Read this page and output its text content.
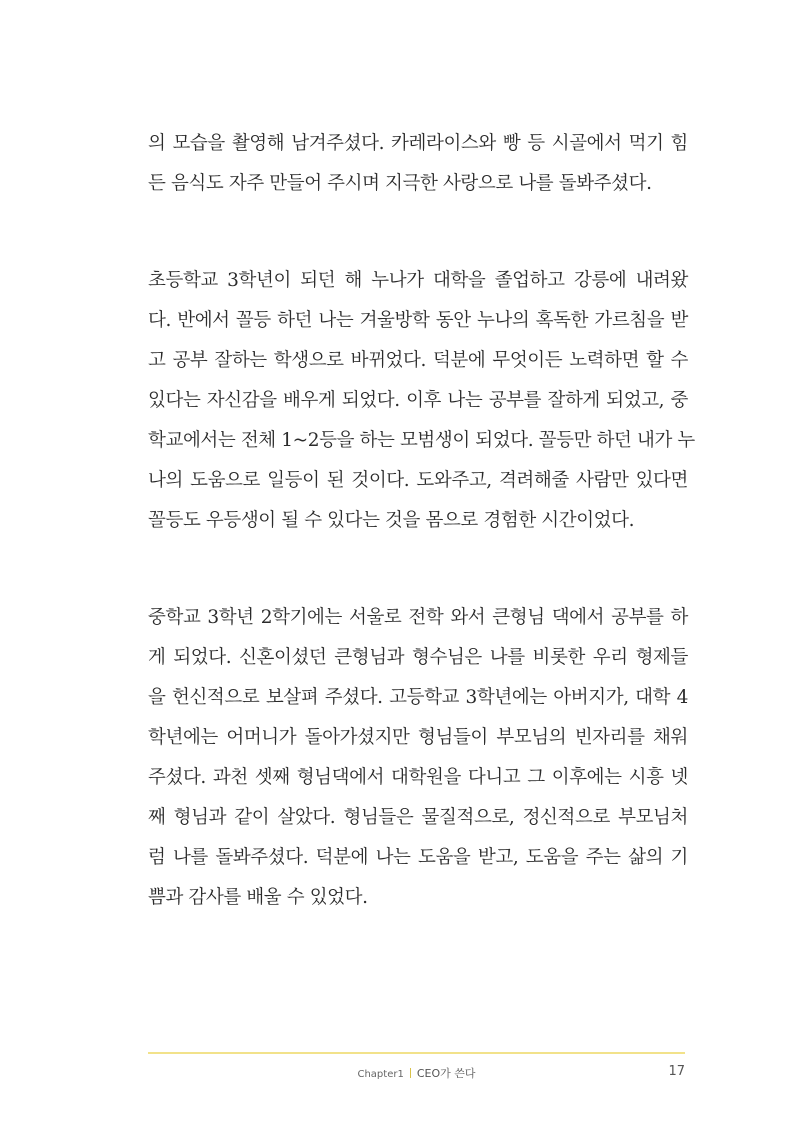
의 모습을 촬영해 남겨주셨다. 카레라이스와 빵 등 시골에서 먹기 힘
든 음식도 자주 만들어 주시며 지극한 사랑으로 나를 돌봐주셨다.
초등학교 3학년이 되던 해 누나가 대학을 졸업하고 강릉에 내려왔
다. 반에서 꼴등 하던 나는 겨울방학 동안 누나의 혹독한 가르침을 받
고 공부 잘하는 학생으로 바뀌었다. 덕분에 무엇이든 노력하면 할 수
있다는 자신감을 배우게 되었다. 이후 나는 공부를 잘하게 되었고, 중
학교에서는 전체 1~2등을 하는 모범생이 되었다. 꼴등만 하던 내가 누
나의 도움으로 일등이 된 것이다. 도와주고, 격려해줄 사람만 있다면
꼴등도 우등생이 될 수 있다는 것을 몸으로 경험한 시간이었다.
중학교 3학년 2학기에는 서울로 전학 와서 큰형님 댁에서 공부를 하
게 되었다. 신혼이셨던 큰형님과 형수님은 나를 비롯한 우리 형제들
을 헌신적으로 보살펴 주셨다. 고등학교 3학년에는 아버지가, 대학 4
학년에는 어머니가 돌아가셨지만 형님들이 부모님의 빈자리를 채워
주셨다. 과천 셋째 형님댁에서 대학원을 다니고 그 이후에는 시흥 넷
째 형님과 같이 살았다. 형님들은 물질적으로, 정신적으로 부모님처
럼 나를 돌봐주셨다. 덕분에 나는 도움을 받고, 도움을 주는 삶의 기
쁨과 감사를 배울 수 있었다.
Chapter1 CEO가 쓴다	17
